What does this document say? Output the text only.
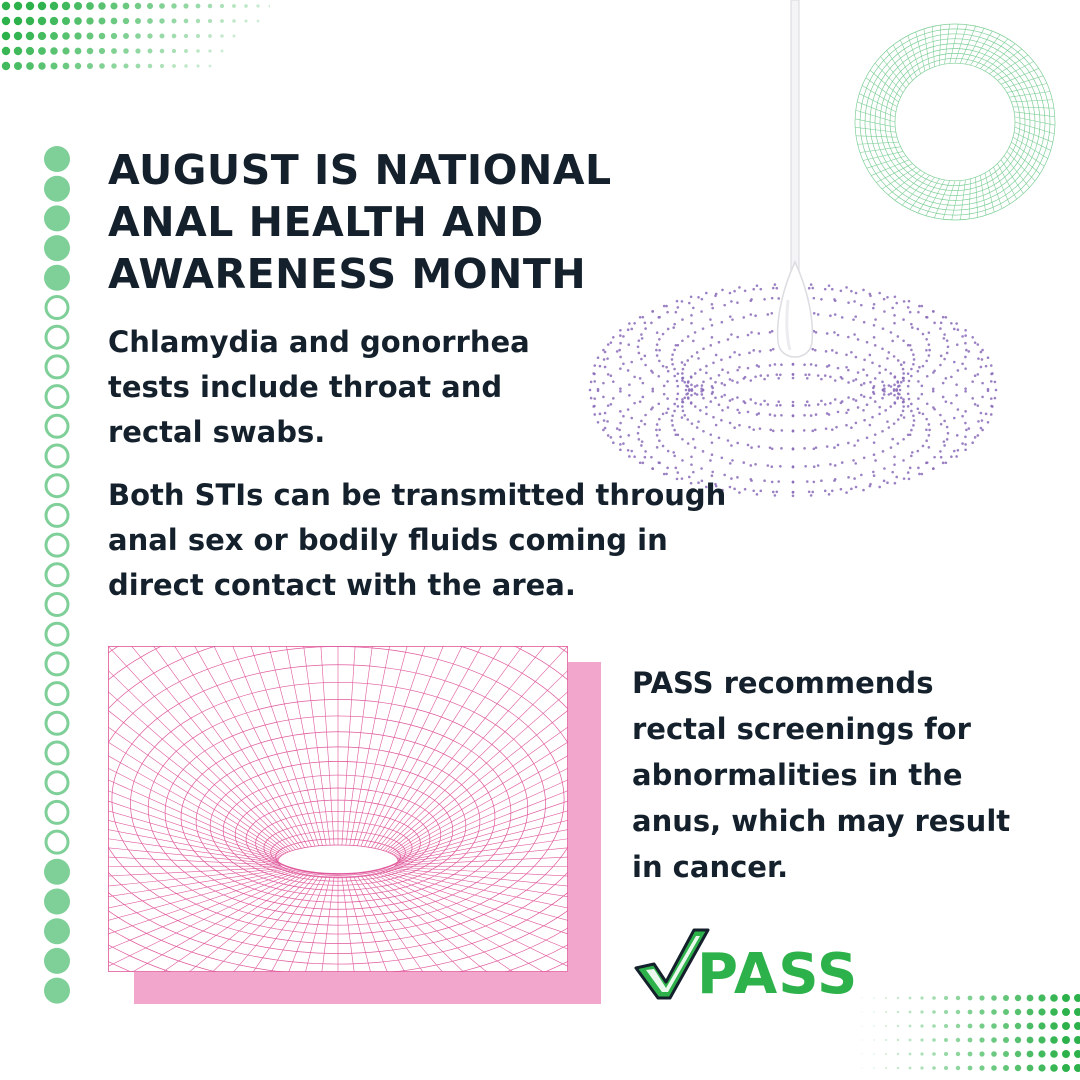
AUGUST IS NATIONAL ANAL HEALTH AND AWARENESS MONTH

Chlamydia and gonorrhea tests include throat and rectal swabs.

Both STIs can be transmitted through anal sex or bodily fluids coming in direct contact with the area.

PASS recommends rectal screenings for abnormalities in the anus, which may result in cancer.

PASS
